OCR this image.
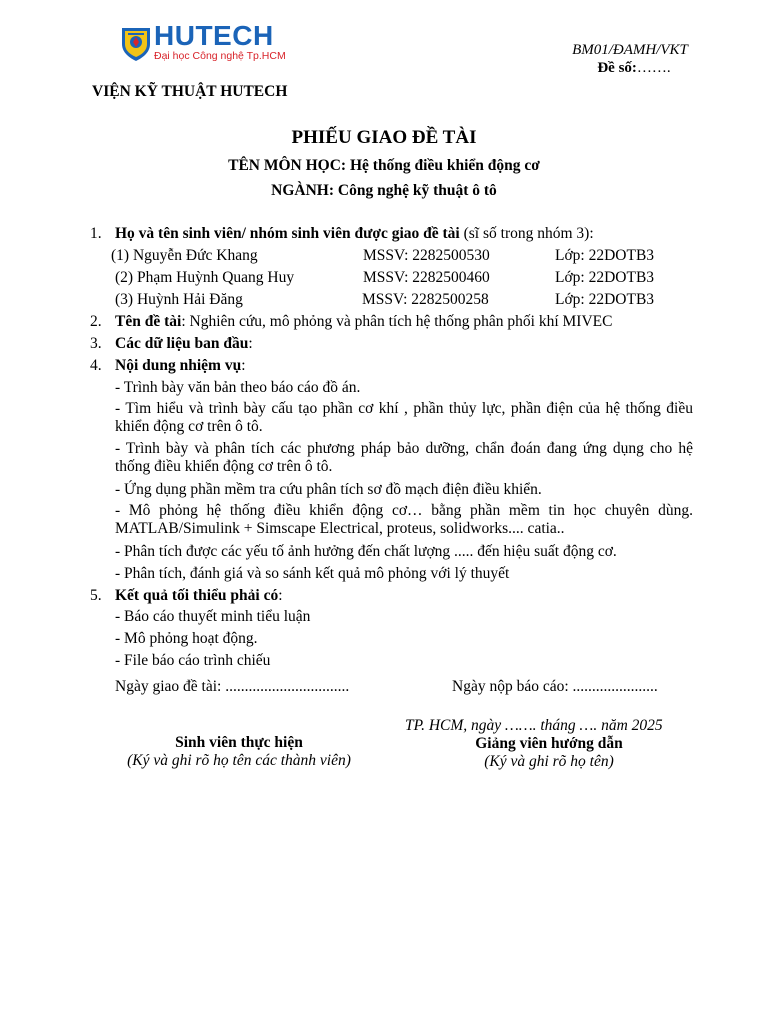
HUTECH
Đại học Công nghệ Tp.HCM	BM01/ĐAMH/VKT
Đề số:…….
VIỆN KỸ THUẬT HUTECH
PHIẾU GIAO ĐỀ TÀI
TÊN MÔN HỌC: Hệ thống điều khiển động cơ
NGÀNH: Công nghệ kỹ thuật ô tô
1. Họ và tên sinh viên/ nhóm sinh viên được giao đề tài (sĩ số trong nhóm 3):
(1) Nguyễn Đức Khang	MSSV: 2282500530	Lớp: 22DOTB3
(2) Phạm Huỳnh Quang Huy	MSSV: 2282500460	Lớp: 22DOTB3
(3) Huỳnh Hải Đăng	MSSV: 2282500258	Lớp: 22DOTB3
2. Tên đề tài: Nghiên cứu, mô phỏng và phân tích hệ thống phân phối khí MIVEC
3. Các dữ liệu ban đầu:
4. Nội dung nhiệm vụ:
- Trình bày văn bản theo báo cáo đồ án.
- Tìm hiểu và trình bày cấu tạo phần cơ khí , phần thủy lực, phần điện của hệ thống điều khiển động cơ trên ô tô.
- Trình bày và phân tích các phương pháp bảo dưỡng, chẩn đoán đang ứng dụng cho hệ thống điều khiển động cơ trên ô tô.
- Ứng dụng phần mềm tra cứu phân tích sơ đồ mạch điện điều khiển.
- Mô phỏng hệ thống điều khiển động cơ… bằng phần mềm tin học chuyên dùng. MATLAB/Simulink + Simscape Electrical, proteus, solidworks.... catia..
- Phân tích được các yếu tố ảnh hưởng đến chất lượng ..... đến hiệu suất động cơ.
- Phân tích, đánh giá và so sánh kết quả mô phỏng với lý thuyết
5. Kết quả tối thiểu phải có:
- Báo cáo thuyết minh tiểu luận
- Mô phỏng hoạt động.
- File báo cáo trình chiếu
Ngày giao đề tài: ................................	Ngày nộp báo cáo: ......................
TP. HCM, ngày ……. tháng …. năm 2025
Sinh viên thực hiện
(Ký và ghi rõ họ tên các thành viên)
Giảng viên hướng dẫn
(Ký và ghi rõ họ tên)
